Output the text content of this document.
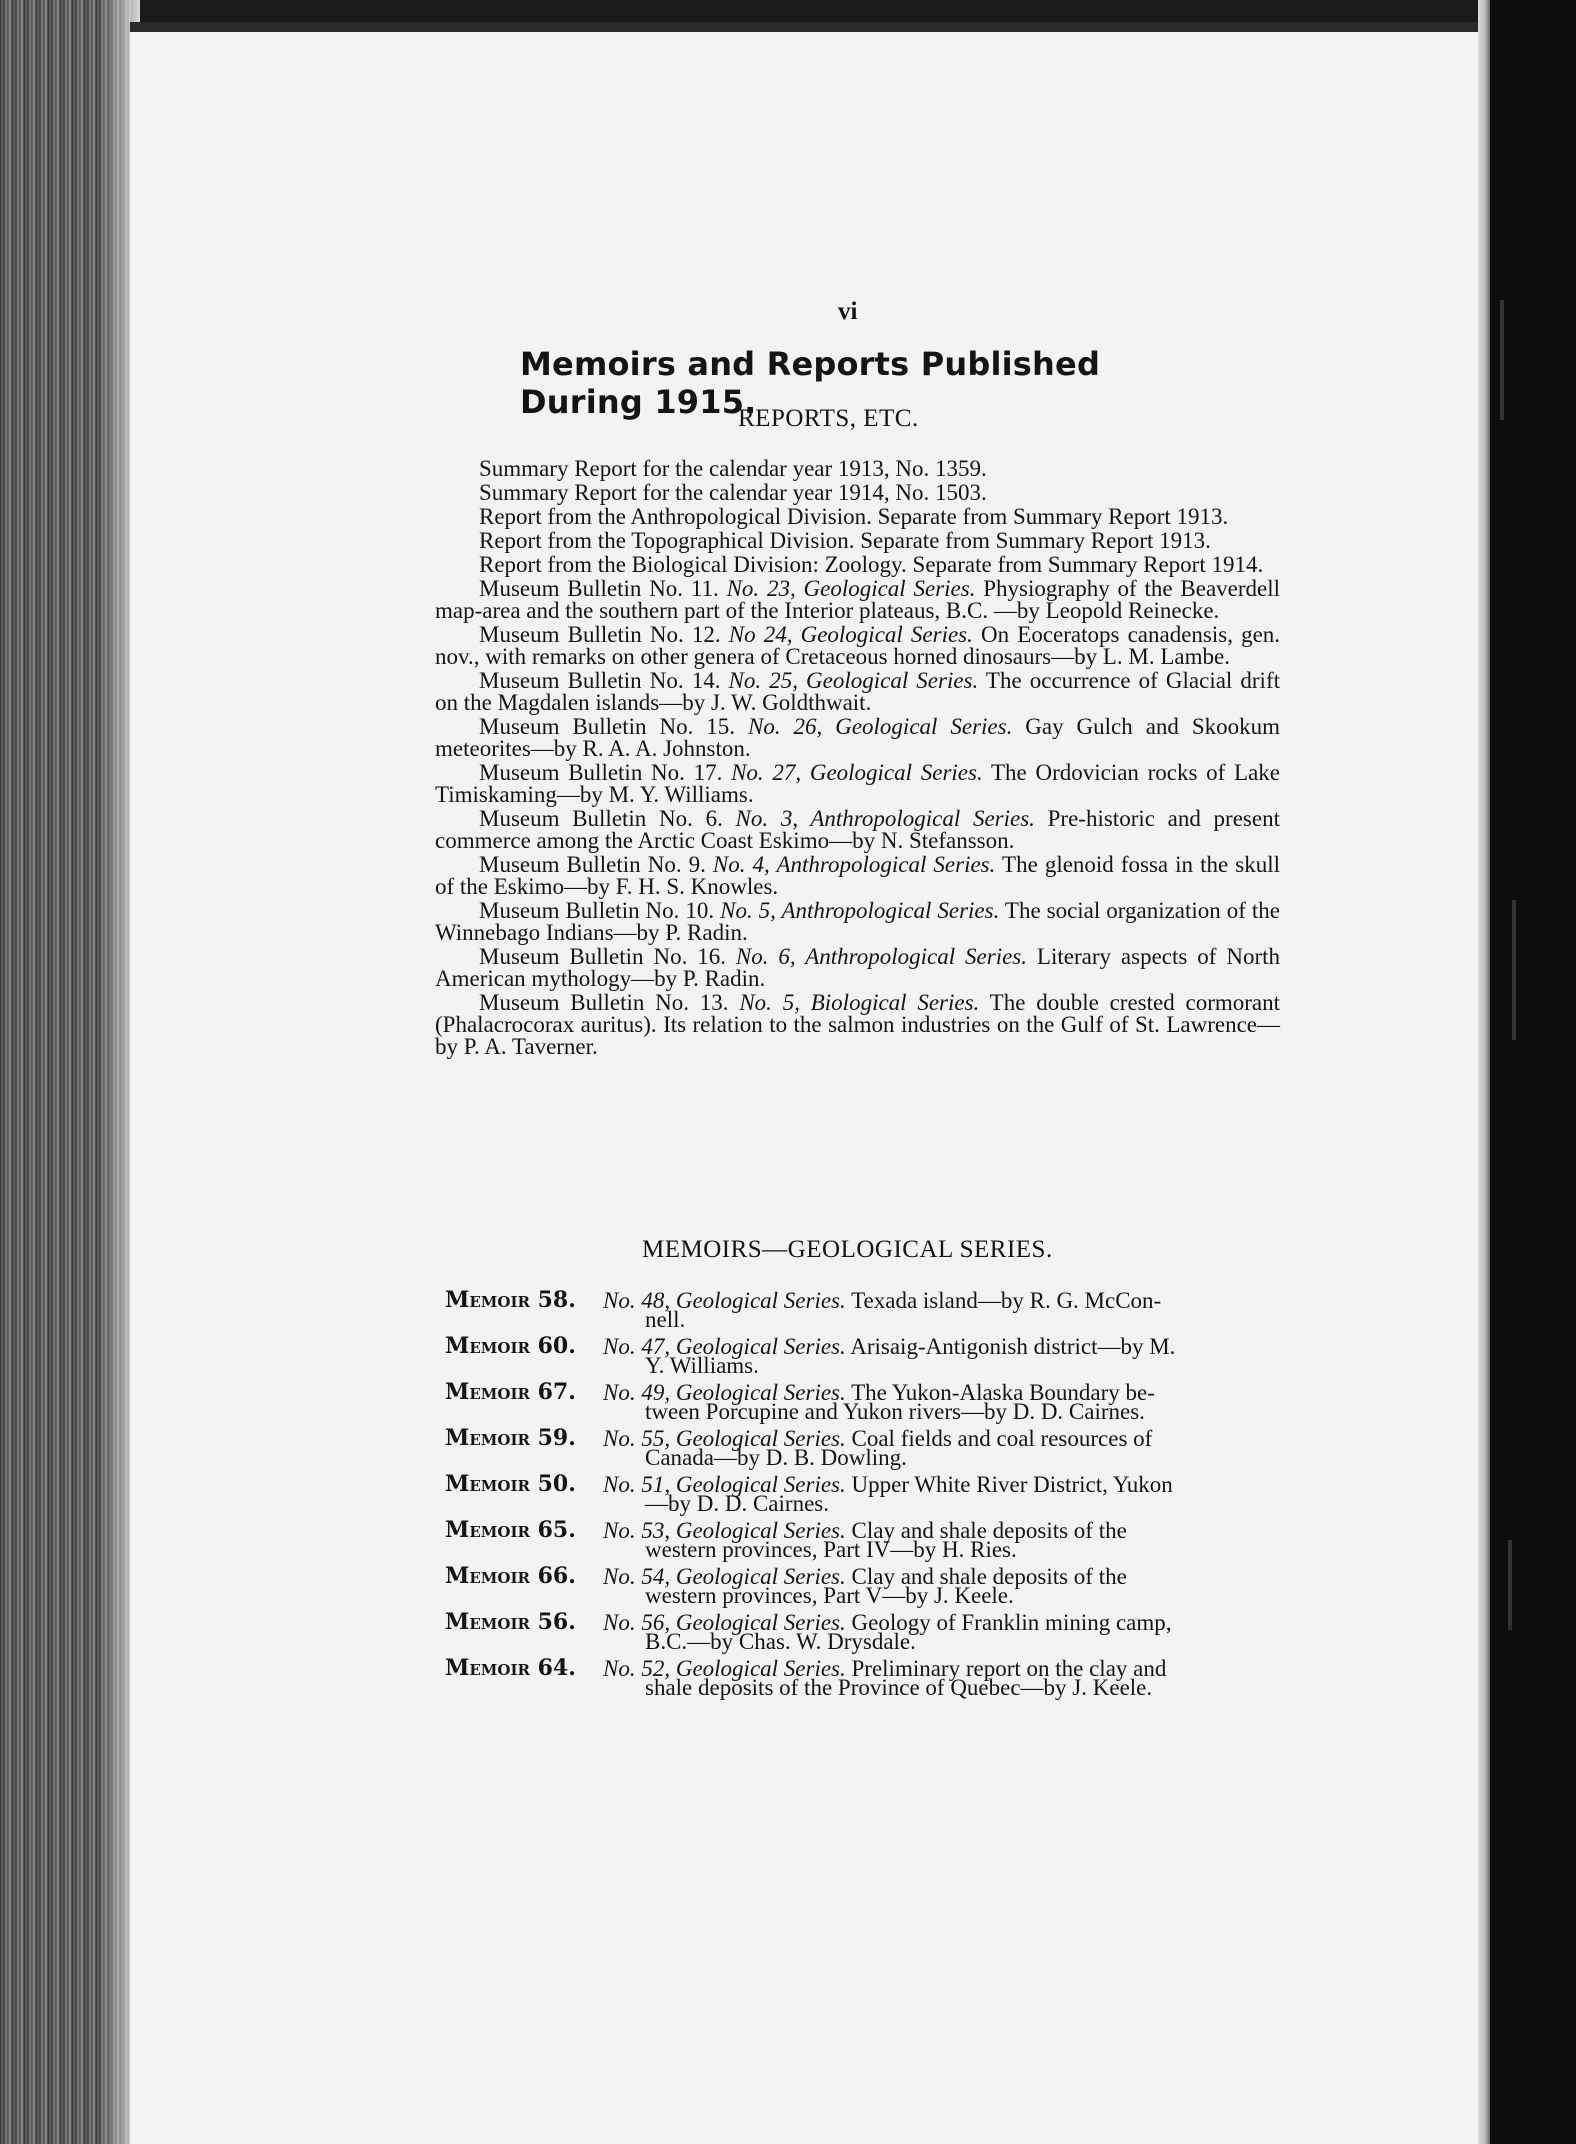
vi
Memoirs and Reports Published During 1915.
REPORTS, ETC.

Summary Report for the calendar year 1913, No. 1359.

Summary Report for the calendar year 1914, No. 1503.

Report from the Anthropological Division. Separate from Summary Report 1913.

Report from the Topographical Division. Separate from Summary Report 1913.

Report from the Biological Division: Zoology. Separate from Summary Report 1914.

Museum Bulletin No. 11. No. 23, Geological Series. Physiography of the Beaverdell map-area and the southern part of the Interior plateaus, B.C. —by Leopold Reinecke.

Museum Bulletin No. 12. No 24, Geological Series. On Eoceratops canadensis, gen. nov., with remarks on other genera of Cretaceous horned dinosaurs—by L. M. Lambe.

Museum Bulletin No. 14. No. 25, Geological Series. The occurrence of Glacial drift on the Magdalen islands—by J. W. Goldthwait.

Museum Bulletin No. 15. No. 26, Geological Series. Gay Gulch and Skookum meteorites—by R. A. A. Johnston.

Museum Bulletin No. 17. No. 27, Geological Series. The Ordovician rocks of Lake Timiskaming—by M. Y. Williams.

Museum Bulletin No. 6. No. 3, Anthropological Series. Pre-historic and present commerce among the Arctic Coast Eskimo—by N. Stefansson.

Museum Bulletin No. 9. No. 4, Anthropological Series. The glenoid fossa in the skull of the Eskimo—by F. H. S. Knowles.

Museum Bulletin No. 10. No. 5, Anthropological Series. The social organization of the Winnebago Indians—by P. Radin.

Museum Bulletin No. 16. No. 6, Anthropological Series. Literary aspects of North American mythology—by P. Radin.

Museum Bulletin No. 13. No. 5, Biological Series. The double crested cormorant (Phalacrocorax auritus). Its relation to the salmon industries on the Gulf of St. Lawrence—by P. A. Taverner.

MEMOIRS—GEOLOGICAL SERIES.
Memoir 58.	No. 48, Geological Series. Texada island—by R. G. McCon-
nell.
Memoir 60.	No. 47, Geological Series. Arisaig-Antigonish district—by M.
Y. Williams.
Memoir 67.	No. 49, Geological Series. The Yukon-Alaska Boundary be-
tween Porcupine and Yukon rivers—by D. D. Cairnes.
Memoir 59.	No. 55, Geological Series. Coal fields and coal resources of
Canada—by D. B. Dowling.
Memoir 50.	No. 51, Geological Series. Upper White River District, Yukon
—by D. D. Cairnes.
Memoir 65.	No. 53, Geological Series. Clay and shale deposits of the
western provinces, Part IV—by H. Ries.
Memoir 66.	No. 54, Geological Series. Clay and shale deposits of the
western provinces, Part V—by J. Keele.
Memoir 56.	No. 56, Geological Series. Geology of Franklin mining camp,
B.C.—by Chas. W. Drysdale.
Memoir 64.	No. 52, Geological Series. Preliminary report on the clay and
shale deposits of the Province of Quebec—by J. Keele.
